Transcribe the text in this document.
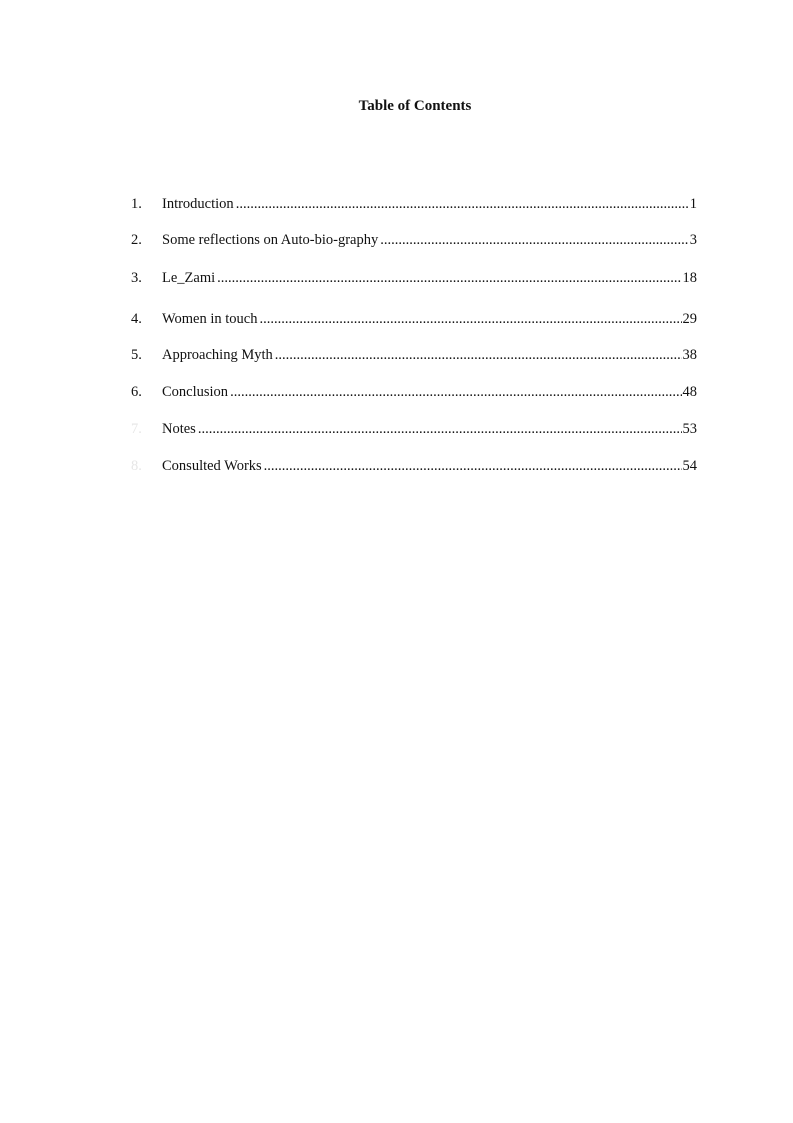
Table of Contents
1.	Introduction .....	1
2.	Some reflections on Auto-bio-graphy .....	3
3.	Le_Zami .....	18
4.	Women in touch .....	29
5.	Approaching Myth .....	38
6.	Conclusion .....	48
7.	Notes .....	53
8.	Consulted Works .....	54
